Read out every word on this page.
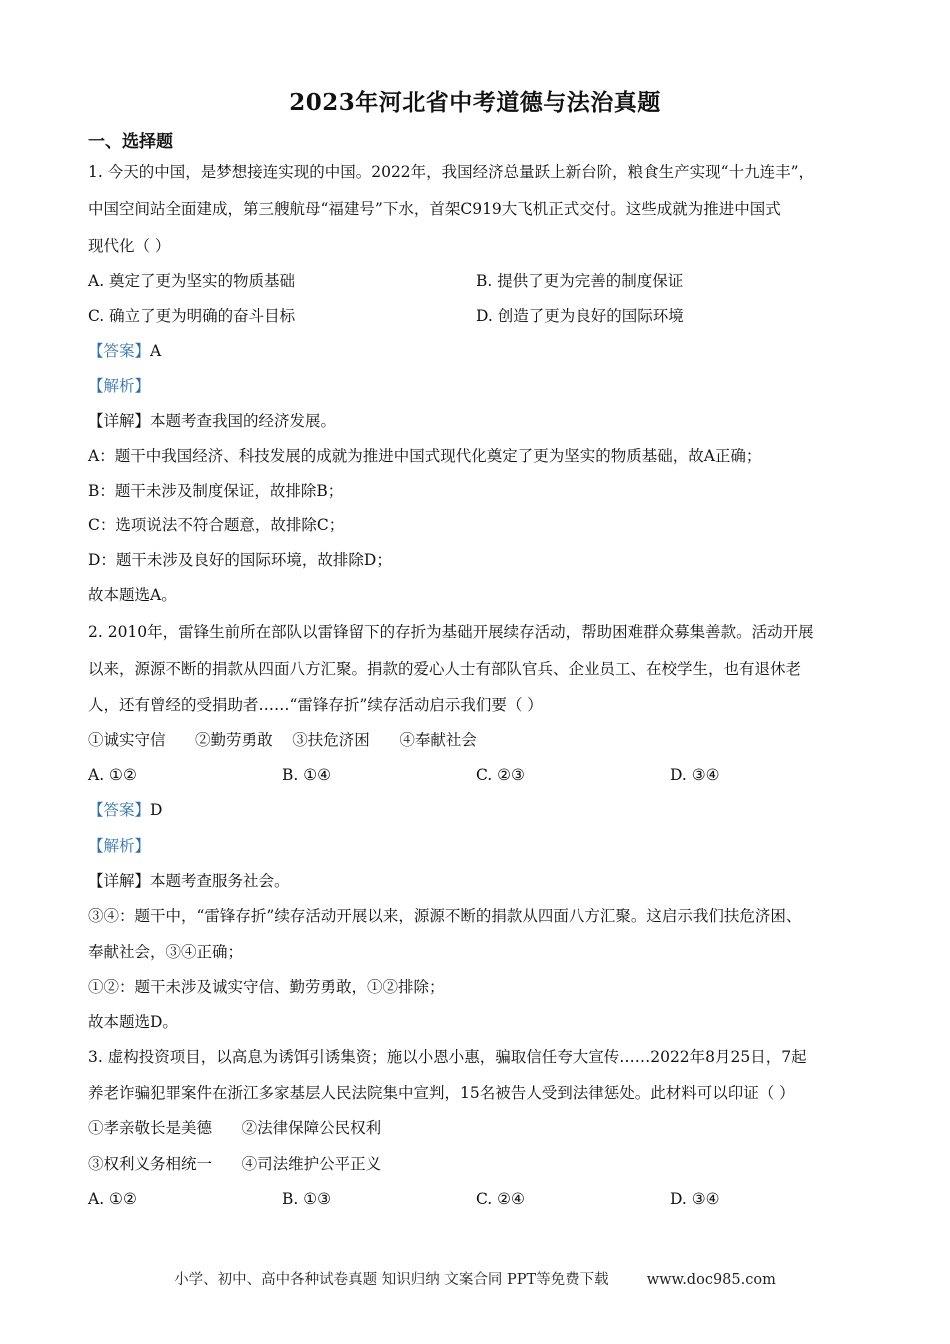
2023年河北省中考道德与法治真题
一、选择题
1. 今天的中国，是梦想接连实现的中国。2022年，我国经济总量跃上新台阶，粮食生产实现“十九连丰”，
中国空间站全面建成，第三艘航母“福建号”下水，首架C919大飞机正式交付。这些成就为推进中国式
现代化（ ）
A. 奠定了更为坚实的物质基础	B. 提供了更为完善的制度保证
C. 确立了更为明确的奋斗目标	D. 创造了更为良好的国际环境
【答案】A
【解析】
【详解】本题考查我国的经济发展。
A：题干中我国经济、科技发展的成就为推进中国式现代化奠定了更为坚实的物质基础，故A正确；
B：题干未涉及制度保证，故排除B；
C：选项说法不符合题意，故排除C；
D：题干未涉及良好的国际环境，故排除D；
故本题选A。
2. 2010年，雷锋生前所在部队以雷锋留下的存折为基础开展续存活动，帮助困难群众募集善款。活动开展
以来，源源不断的捐款从四面八方汇聚。捐款的爱心人士有部队官兵、企业员工、在校学生，也有退休老
人，还有曾经的受捐助者……“雷锋存折”续存活动启示我们要（ ）
①诚实守信      ②勤劳勇敢    ③扶危济困      ④奉献社会
A. ①②	B. ①④	C. ②③	D. ③④
【答案】D
【解析】
【详解】本题考查服务社会。
③④：题干中，“雷锋存折”续存活动开展以来，源源不断的捐款从四面八方汇聚。这启示我们扶危济困、
奉献社会，③④正确；
①②：题干未涉及诚实守信、勤劳勇敢，①②排除；
故本题选D。
3. 虚构投资项目，以高息为诱饵引诱集资；施以小恩小惠，骗取信任夸大宣传……2022年8月25日，7起
养老诈骗犯罪案件在浙江多家基层人民法院集中宣判，15名被告人受到法律惩处。此材料可以印证（ ）
①孝亲敬长是美德      ②法律保障公民权利
③权利义务相统一      ④司法维护公平正义
A. ①②	B. ①③	C. ②④	D. ③④
小学、初中、高中各种试卷真题 知识归纳 文案合同 PPT等免费下载	www.doc985.com
